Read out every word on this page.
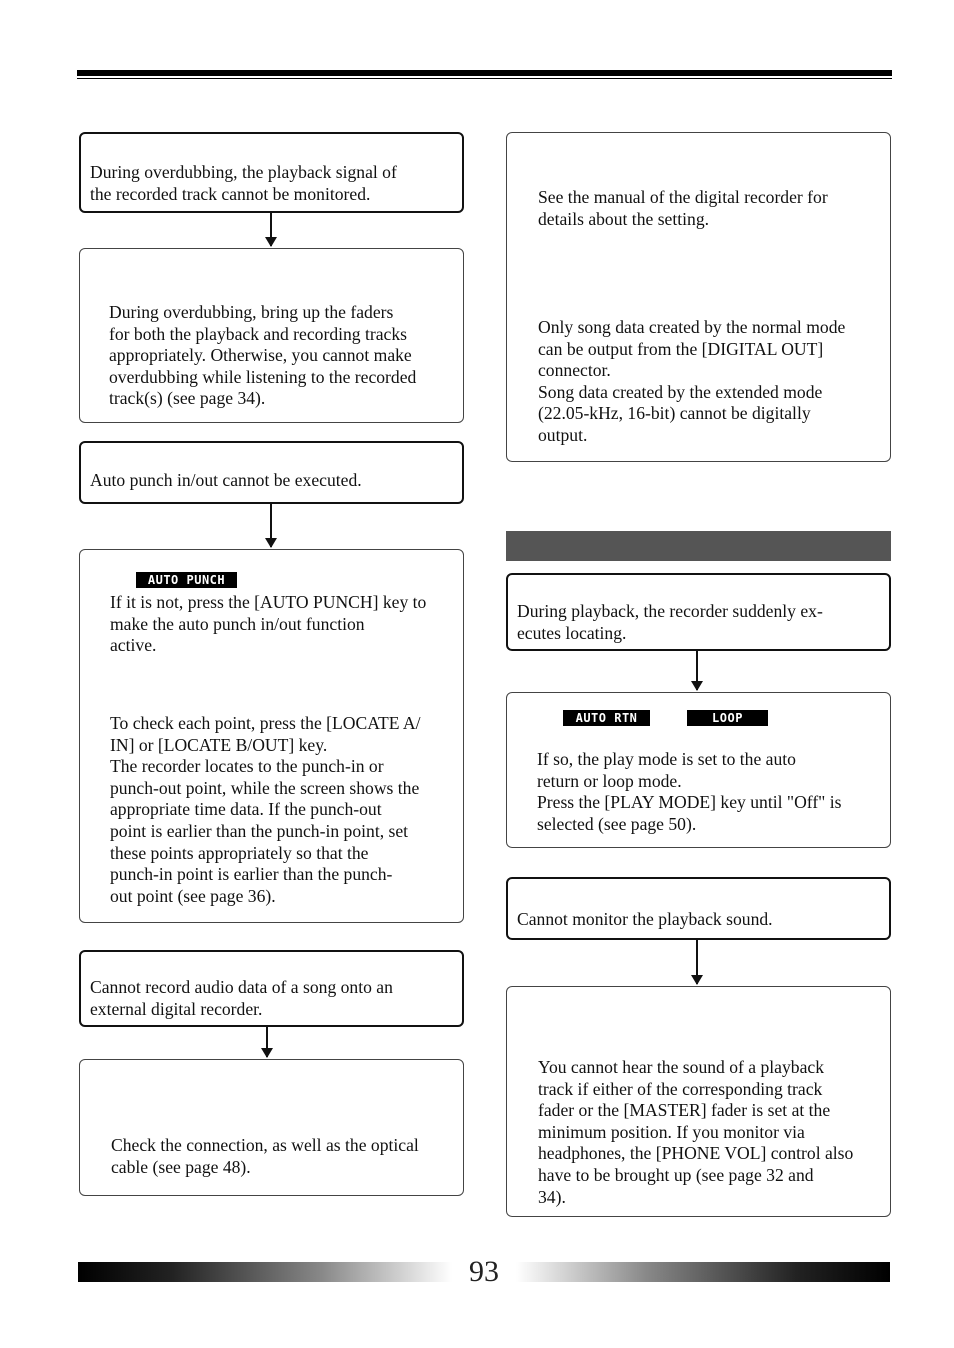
During overdubbing, the playback signal of
the recorded track cannot be monitored.

During overdubbing, bring up the faders
for both the playback and recording tracks
appropriately. Otherwise, you cannot make
overdubbing while listening to the recorded
track(s) (see page 34).

Auto punch in/out cannot be executed.

AUTO PUNCH

If it is not, press the [AUTO PUNCH] key to
make the auto punch in/out function
active.

To check each point, press the [LOCATE A/
IN] or [LOCATE B/OUT] key.
The recorder locates to the punch-in or
punch-out point, while the screen shows the
appropriate time data. If the punch-out
point is earlier than the punch-in point, set
these points appropriately so that the
punch-in point is earlier than the punch-
out point (see page 36).

Cannot record audio data of a song onto an
external digital recorder.

Check the connection, as well as the optical
cable (see page 48).

See the manual of the digital recorder for
details about the setting.

Only song data created by the normal mode
can be output from the [DIGITAL OUT]
connector.
Song data created by the extended mode
(22.05-kHz, 16-bit) cannot be digitally
output.

During playback, the recorder suddenly ex-
ecutes locating.

AUTO RTN	LOOP

If so, the play mode is set to the auto
return or loop mode.
Press the [PLAY MODE] key until "Off" is
selected (see page 50).

Cannot monitor the playback sound.

You cannot hear the sound of a playback
track if either of the corresponding track
fader or the [MASTER] fader is set at the
minimum position. If you monitor via
headphones, the [PHONE VOL] control also
have to be brought up (see page 32 and
34).

93
